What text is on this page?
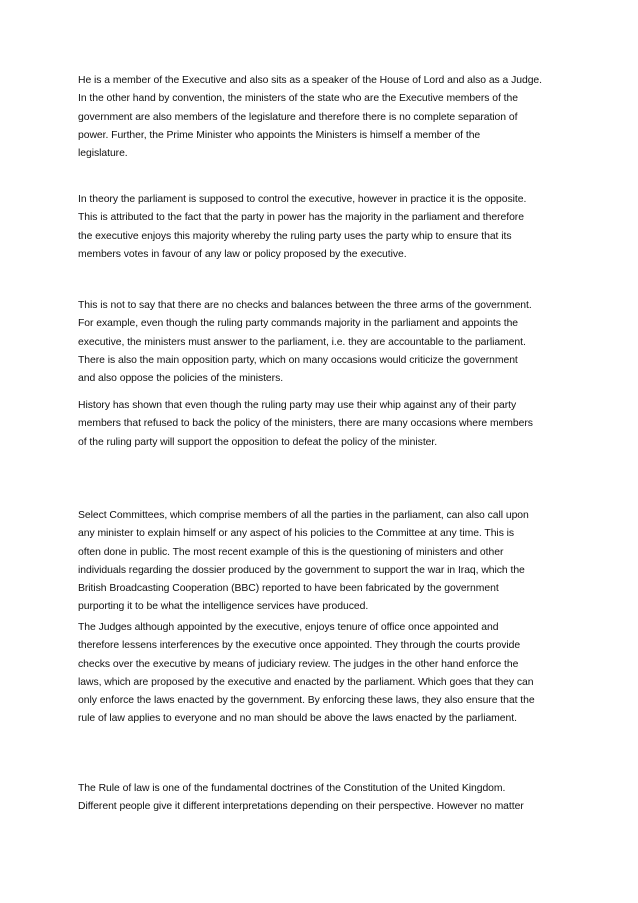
He is a member of the Executive and also sits as a speaker of the House of Lord and also as a Judge.
In the other hand by convention, the ministers of the state who are the Executive members of the
government are also members of the legislature and therefore there is no complete separation of
power. Further, the Prime Minister who appoints the Ministers is himself a member of the
legislature.

In theory the parliament is supposed to control the executive, however in practice it is the opposite.
This is attributed to the fact that the party in power has the majority in the parliament and therefore
the executive enjoys this majority whereby the ruling party uses the party whip to ensure that its
members votes in favour of any law or policy proposed by the executive.

This is not to say that there are no checks and balances between the three arms of the government.
For example, even though the ruling party commands majority in the parliament and appoints the
executive, the ministers must answer to the parliament, i.e. they are accountable to the parliament.
There is also the main opposition party, which on many occasions would criticize the government
and also oppose the policies of the ministers.

History has shown that even though the ruling party may use their whip against any of their party
members that refused to back the policy of the ministers, there are many occasions where members
of the ruling party will support the opposition to defeat the policy of the minister.

Select Committees, which comprise members of all the parties in the parliament, can also call upon
any minister to explain himself or any aspect of his policies to the Committee at any time. This is
often done in public. The most recent example of this is the questioning of ministers and other
individuals regarding the dossier produced by the government to support the war in Iraq, which the
British Broadcasting Cooperation (BBC) reported to have been fabricated by the government
purporting it to be what the intelligence services have produced.

The Judges although appointed by the executive, enjoys tenure of office once appointed and
therefore lessens interferences by the executive once appointed. They through the courts provide
checks over the executive by means of judiciary review. The judges in the other hand enforce the
laws, which are proposed by the executive and enacted by the parliament. Which goes that they can
only enforce the laws enacted by the government. By enforcing these laws, they also ensure that the
rule of law applies to everyone and no man should be above the laws enacted by the parliament.

The Rule of law is one of the fundamental doctrines of the Constitution of the United Kingdom.
Different people give it different interpretations depending on their perspective. However no matter
